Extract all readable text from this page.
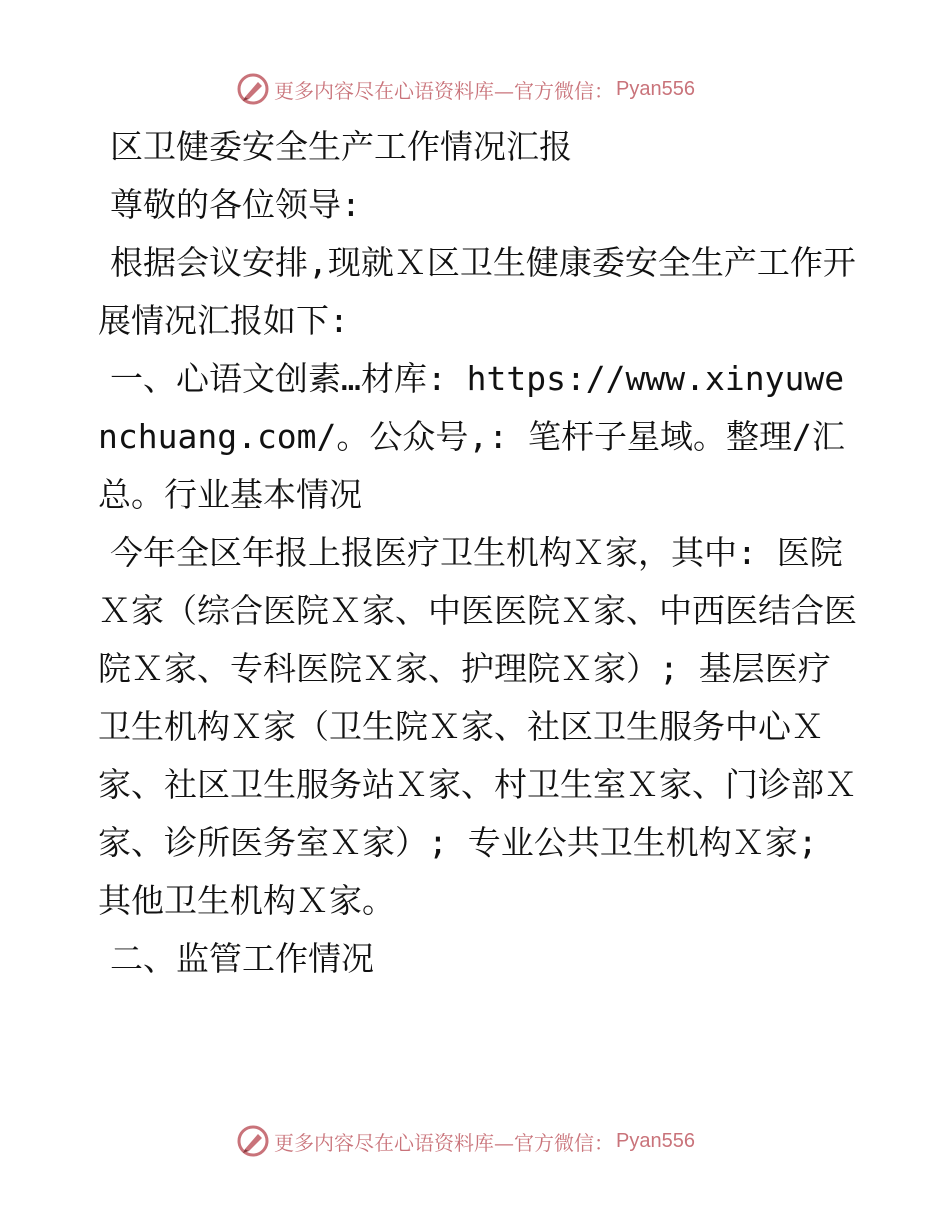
更多内容尽在心语资料库—官方微信： Pyan556

区卫健委安全生产工作情况汇报

尊敬的各位领导:

根据会议安排,现就Ｘ区卫生健康委安全生产工作开展情况汇报如下:

一、心语文创素…材库: https://www.xinyuwenchuang.com/。公众号,: 笔杆子星域。整理/汇总。行业基本情况

今年全区年报上报医疗卫生机构Ｘ家，其中: 医院Ｘ家（综合医院Ｘ家、中医医院Ｘ家、中西医结合医院Ｘ家、专科医院Ｘ家、护理院Ｘ家）; 基层医疗卫生机构Ｘ家（卫生院Ｘ家、社区卫生服务中心Ｘ家、社区卫生服务站Ｘ家、村卫生室Ｘ家、门诊部Ｘ家、诊所医务室Ｘ家）; 专业公共卫生机构Ｘ家; 其他卫生机构Ｘ家。

二、监管工作情况

更多内容尽在心语资料库—官方微信： Pyan556
